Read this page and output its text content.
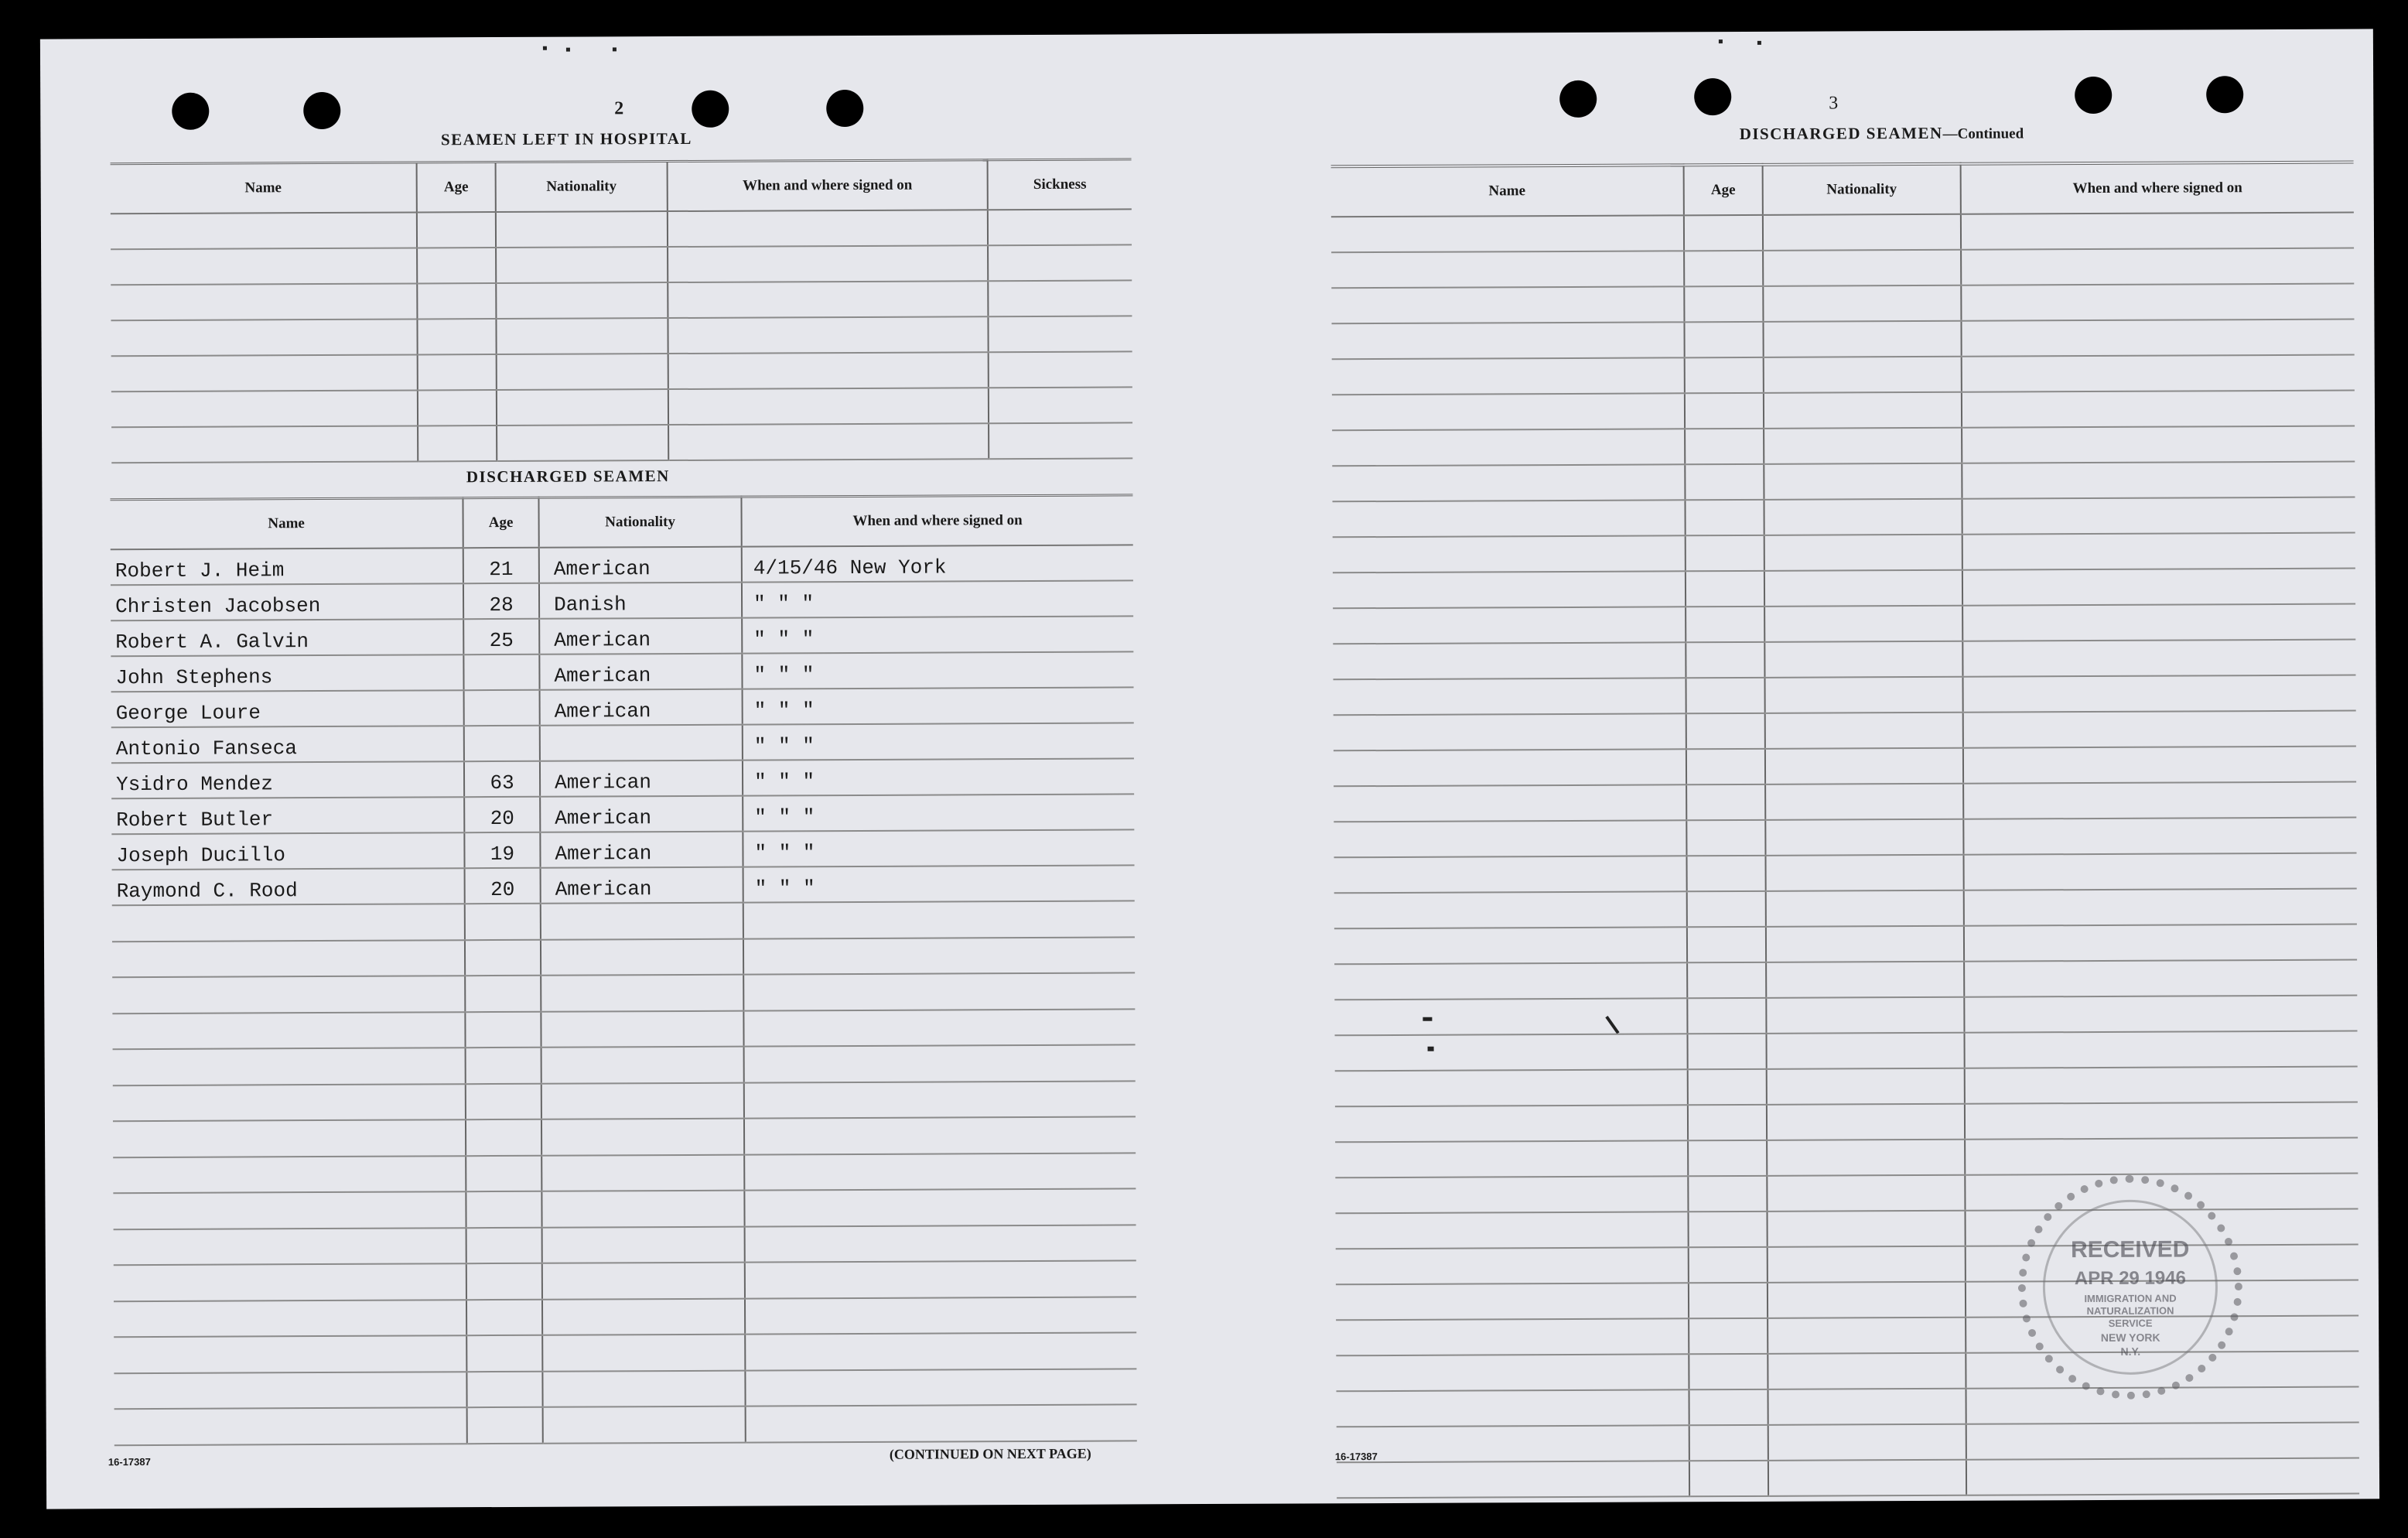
2
SEAMEN LEFT IN HOSPITAL
Name	Age	Nationality	When and where signed on	Sickness

DISCHARGED SEAMEN
Name	Age	Nationality	When and where signed on
Robert J. Heim	21	American	4/15/46 New York
Christen Jacobsen	28	Danish	" " "
Robert A. Galvin	25	American	" " "
John Stephens		American	" " "
George Loure		American	" " "
Antonio Fanseca			" " "
Ysidro Mendez	63	American	" " "
Robert Butler	20	American	" " "
Joseph Ducillo	19	American	" " "
Raymond C. Rood	20	American	" " "

16-17387	(CONTINUED ON NEXT PAGE)
3
DISCHARGED SEAMEN—Continued
Name	Age	Nationality	When and where signed on

16-17387
RECEIVED
APR 29 1946
IMMIGRATION AND
NATURALIZATION
SERVICE
NEW YORK
N.Y.
